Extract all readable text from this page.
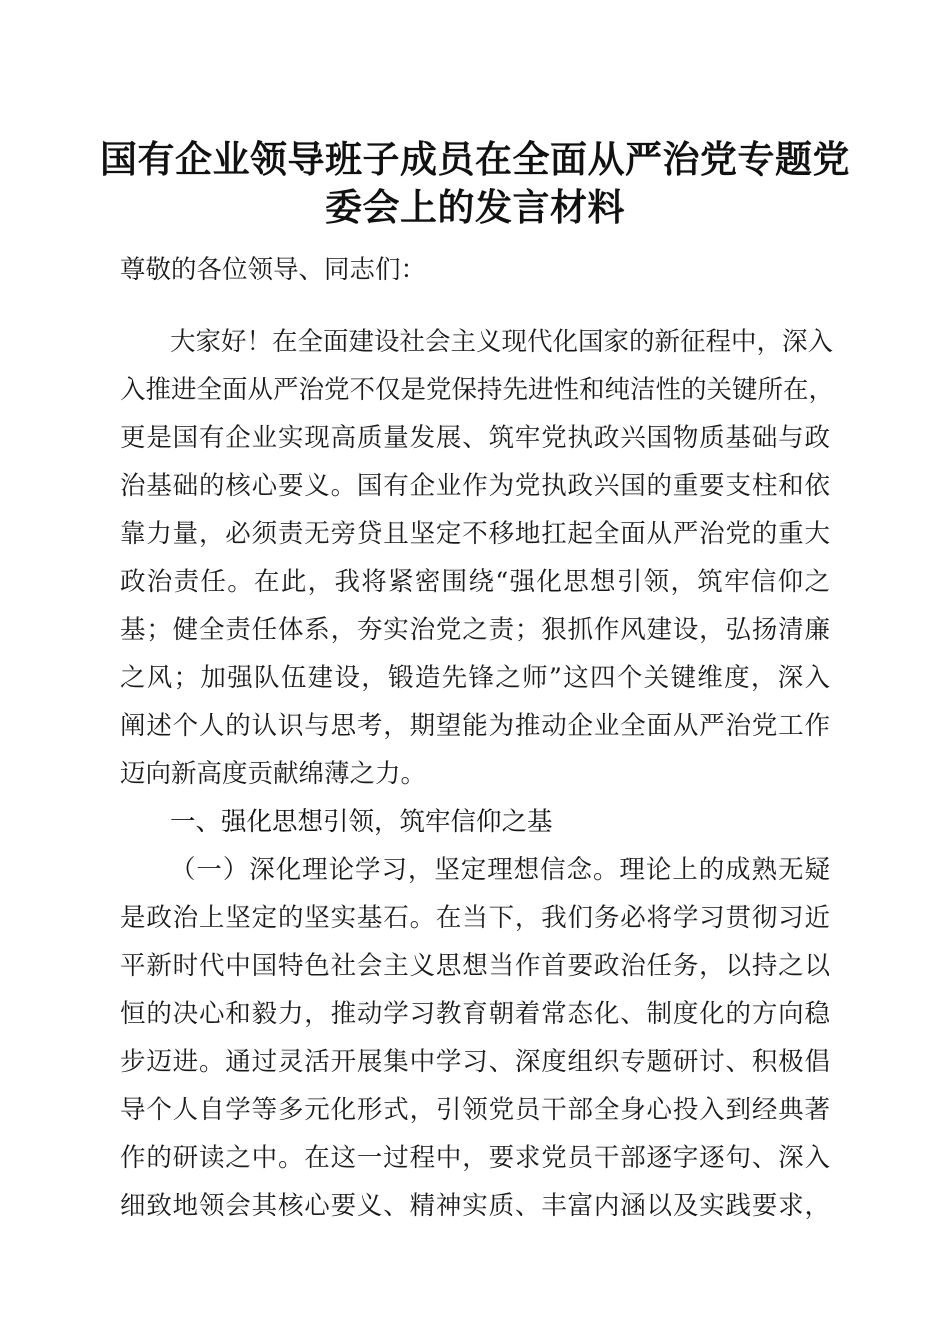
国有企业领导班子成员在全面从严治党专题党
委会上的发言材料
尊敬的各位领导、同志们：
大家好！在全面建设社会主义现代化国家的新征程中，深入
入推进全面从严治党不仅是党保持先进性和纯洁性的关键所在，
更是国有企业实现高质量发展、筑牢党执政兴国物质基础与政
治基础的核心要义。国有企业作为党执政兴国的重要支柱和依
靠力量，必须责无旁贷且坚定不移地扛起全面从严治党的重大
政治责任。在此，我将紧密围绕“强化思想引领，筑牢信仰之
基；健全责任体系，夯实治党之责；狠抓作风建设，弘扬清廉
之风；加强队伍建设，锻造先锋之师”这四个关键维度，深入
阐述个人的认识与思考，期望能为推动企业全面从严治党工作
迈向新高度贡献绵薄之力。
一、强化思想引领，筑牢信仰之基
（一）深化理论学习，坚定理想信念。理论上的成熟无疑
是政治上坚定的坚实基石。在当下，我们务必将学习贯彻习近
平新时代中国特色社会主义思想当作首要政治任务，以持之以
恒的决心和毅力，推动学习教育朝着常态化、制度化的方向稳
步迈进。通过灵活开展集中学习、深度组织专题研讨、积极倡
导个人自学等多元化形式，引领党员干部全身心投入到经典著
作的研读之中。在这一过程中，要求党员干部逐字逐句、深入
细致地领会其核心要义、精神实质、丰富内涵以及实践要求，
